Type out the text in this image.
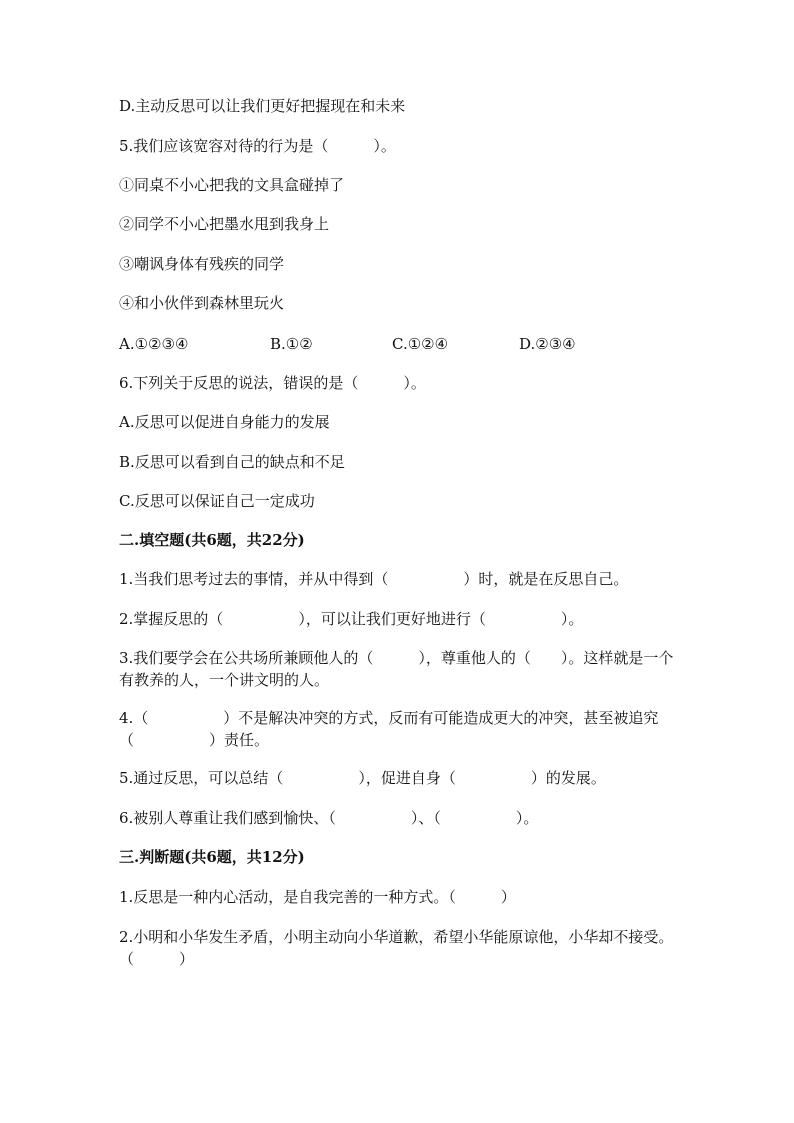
D.主动反思可以让我们更好把握现在和未来
5.我们应该宽容对待的行为是（　　　）。
①同桌不小心把我的文具盒碰掉了
②同学不小心把墨水甩到我身上
③嘲讽身体有残疾的同学
④和小伙伴到森林里玩火
A.①②③④	B.①②	C.①②④	D.②③④
6.下列关于反思的说法，错误的是（　　　）。
A.反思可以促进自身能力的发展
B.反思可以看到自己的缺点和不足
C.反思可以保证自己一定成功
二.填空题(共6题，共22分)
1.当我们思考过去的事情，并从中得到（　　　　　）时，就是在反思自己。
2.掌握反思的（　　　　　），可以让我们更好地进行（　　　　　）。
3.我们要学会在公共场所兼顾他人的（　　　），尊重他人的（　　）。这样就是一个有教养的人，一个讲文明的人。
4.（　　　　　）不是解决冲突的方式，反而有可能造成更大的冲突，甚至被追究（　　　　　）责任。
5.通过反思，可以总结（　　　　　），促进自身（　　　　　）的发展。
6.被别人尊重让我们感到愉快、（　　　　　）、（　　　　　）。
三.判断题(共6题，共12分)
1.反思是一种内心活动，是自我完善的一种方式。（　　　）
2.小明和小华发生矛盾，小明主动向小华道歉，希望小华能原谅他，小华却不接受。（　　　）
